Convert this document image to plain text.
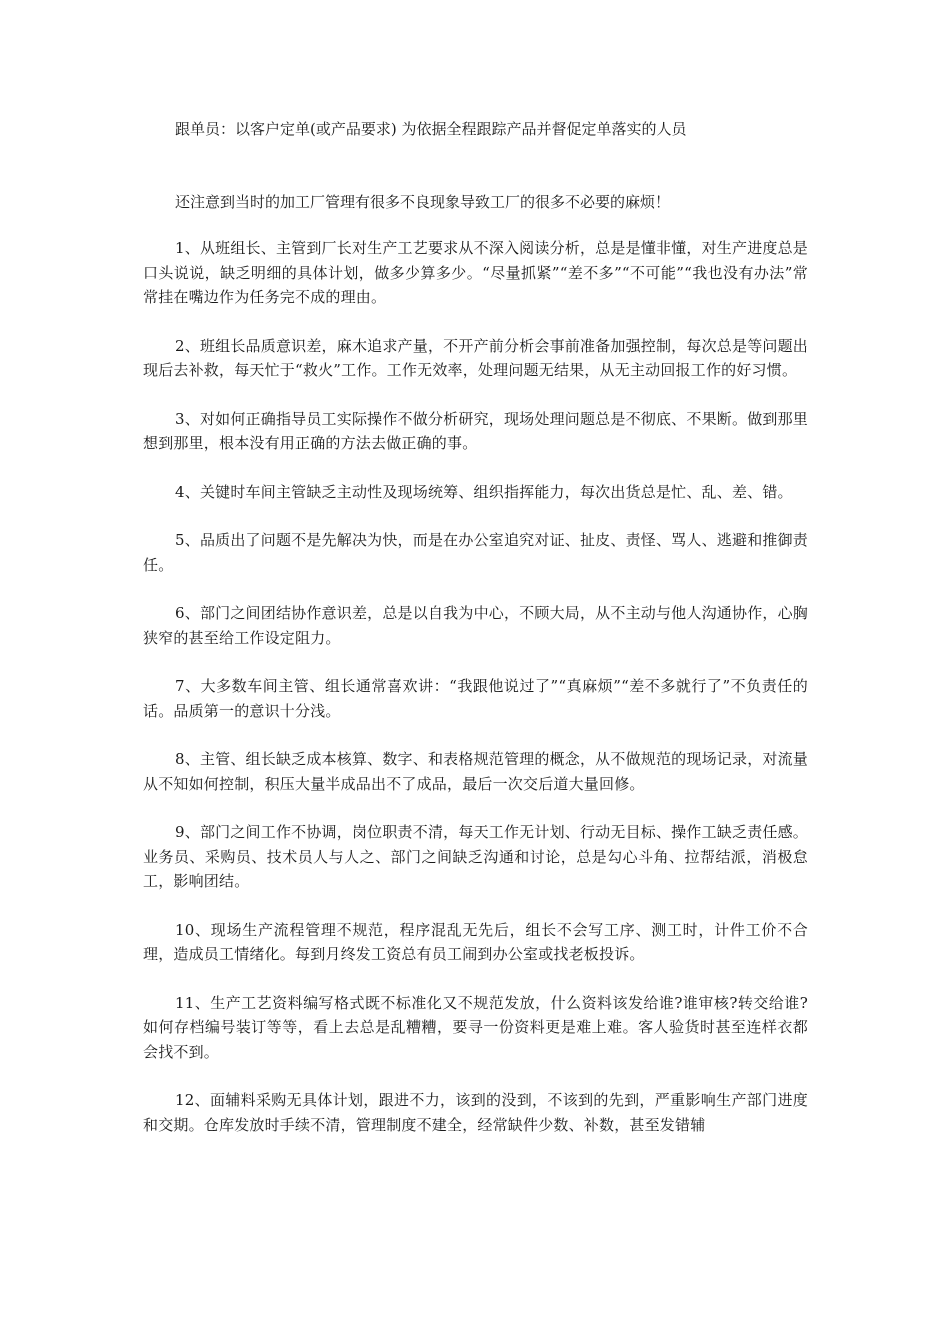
跟单员：以客户定单(或产品要求) 为依据全程跟踪产品并督促定单落实的人员
还注意到当时的加工厂管理有很多不良现象导致工厂的很多不必要的麻烦！

1、从班组长、主管到厂长对生产工艺要求从不深入阅读分析，总是是懂非懂，对生产进度总是口头说说，缺乏明细的具体计划，做多少算多少。“尽量抓紧”“差不多”“不可能”“我也没有办法”常常挂在嘴边作为任务完不成的理由。

2、班组长品质意识差，麻木追求产量，不开产前分析会事前准备加强控制，每次总是等问题出现后去补救，每天忙于“救火”工作。工作无效率，处理问题无结果，从无主动回报工作的好习惯。

3、对如何正确指导员工实际操作不做分析研究，现场处理问题总是不彻底、不果断。做到那里想到那里，根本没有用正确的方法去做正确的事。

4、关键时车间主管缺乏主动性及现场统筹、组织指挥能力，每次出货总是忙、乱、差、错。

5、品质出了问题不是先解决为快，而是在办公室追究对证、扯皮、责怪、骂人、逃避和推御责任。

6、部门之间团结协作意识差，总是以自我为中心，不顾大局，从不主动与他人沟通协作，心胸狭窄的甚至给工作设定阻力。

7、大多数车间主管、组长通常喜欢讲：“我跟他说过了”“真麻烦”“差不多就行了”不负责任的话。品质第一的意识十分浅。

8、主管、组长缺乏成本核算、数字、和表格规范管理的概念，从不做规范的现场记录，对流量从不知如何控制，积压大量半成品出不了成品，最后一次交后道大量回修。

9、部门之间工作不协调，岗位职责不清，每天工作无计划、行动无目标、操作工缺乏责任感。业务员、采购员、技术员人与人之、部门之间缺乏沟通和讨论，总是勾心斗角、拉帮结派，消极怠工，影响团结。

10、现场生产流程管理不规范，程序混乱无先后，组长不会写工序、测工时，计件工价不合理，造成员工情绪化。每到月终发工资总有员工闹到办公室或找老板投诉。

11、生产工艺资料编写格式既不标准化又不规范发放，什么资料该发给谁?谁审核?转交给谁?如何存档编号装订等等，看上去总是乱糟糟，要寻一份资料更是难上难。客人验货时甚至连样衣都会找不到。

12、面辅料采购无具体计划，跟进不力，该到的没到，不该到的先到，严重影响生产部门进度和交期。仓库发放时手续不清，管理制度不建全，经常缺件少数、补数，甚至发错辅
